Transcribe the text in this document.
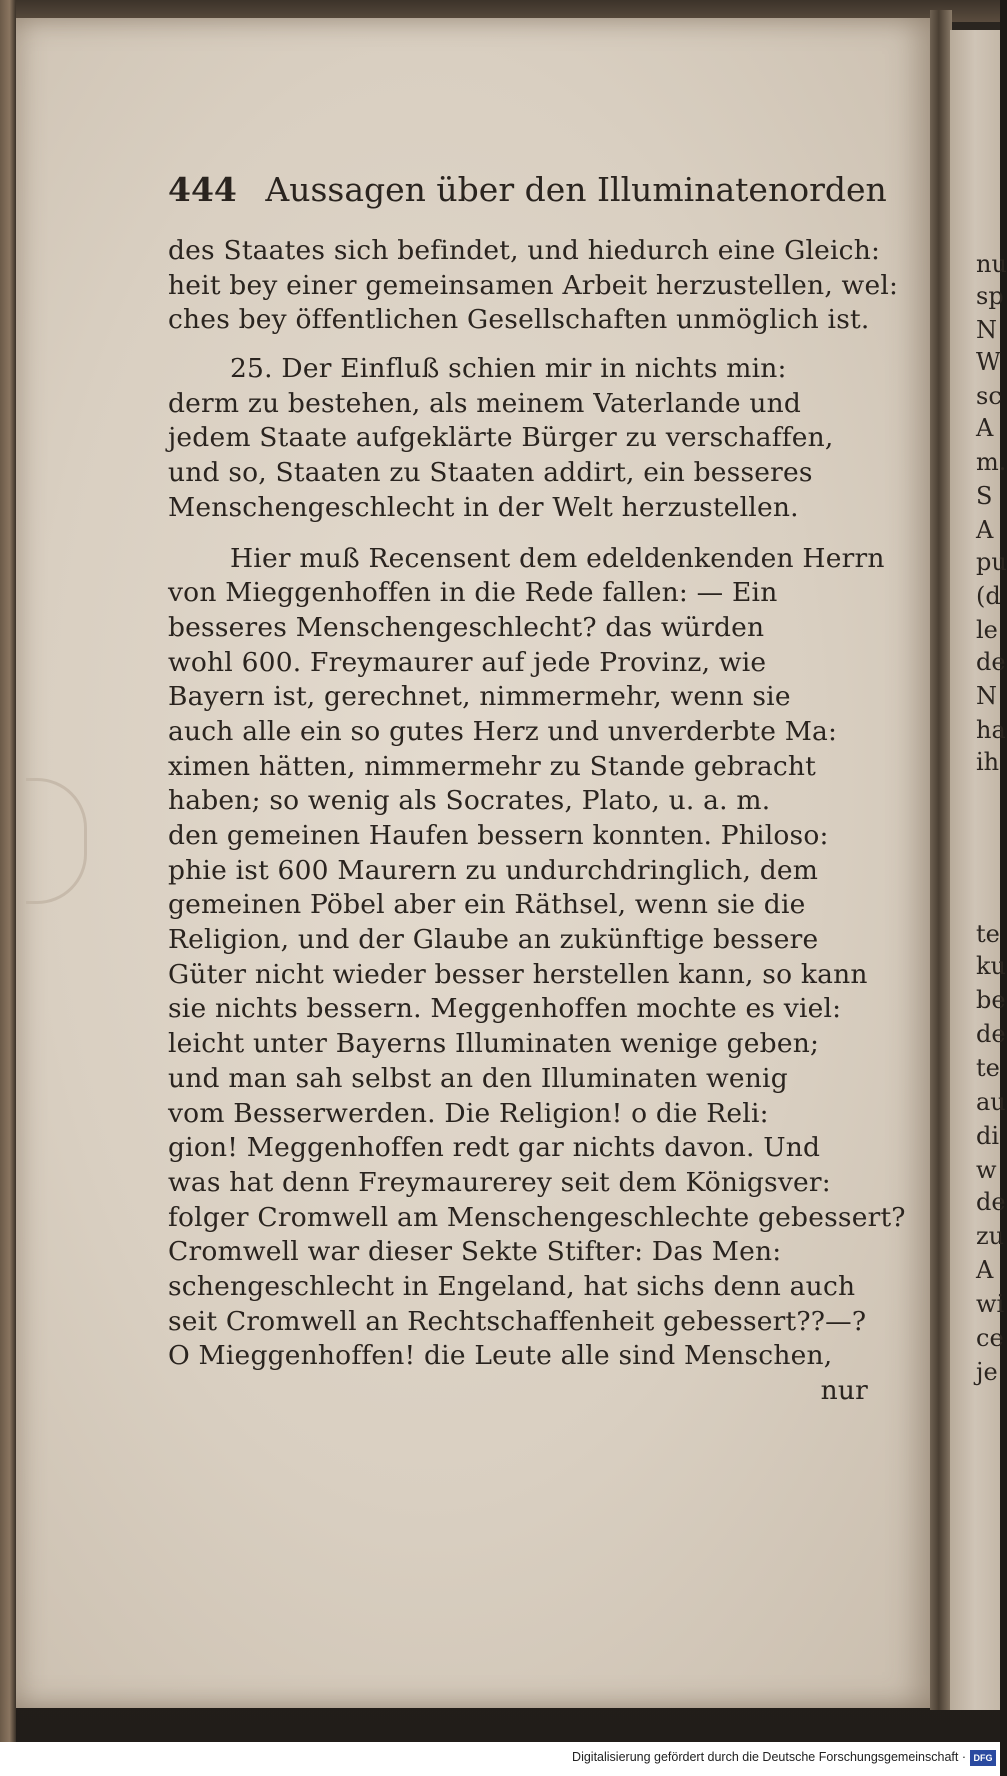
nu
sp
N
W
sc
A
m.
S
A
pu
(d
le
de
N
ha
ih
te
ku
be
de
te
au
di
w
de
zu
A
wi
ce
je
444 Aussagen über den Illuminatenorden
des Staates sich befindet, und hiedurch eine Gleich:
heit bey einer gemeinsamen Arbeit herzustellen, wel:
ches bey öffentlichen Gesellschaften unmöglich ist.
25. Der Einfluß schien mir in nichts min:
derm zu bestehen, als meinem Vaterlande und
jedem Staate aufgeklärte Bürger zu verschaffen,
und so, Staaten zu Staaten addirt, ein besseres
Menschengeschlecht in der Welt herzustellen.
Hier muß Recensent dem edeldenkenden Herrn
von Mieggenhoffen in die Rede fallen: — Ein
besseres Menschengeschlecht? das würden
wohl 600. Freymaurer auf jede Provinz, wie
Bayern ist, gerechnet, nimmermehr, wenn sie
auch alle ein so gutes Herz und unverderbte Ma:
ximen hätten, nimmermehr zu Stande gebracht
haben; so wenig als Socrates, Plato, u. a. m.
den gemeinen Haufen bessern konnten. Philoso:
phie ist 600 Maurern zu undurchdringlich, dem
gemeinen Pöbel aber ein Räthsel, wenn sie die
Religion, und der Glaube an zukünftige bessere
Güter nicht wieder besser herstellen kann, so kann
sie nichts bessern. Meggenhoffen mochte es viel:
leicht unter Bayerns Illuminaten wenige geben;
und man sah selbst an den Illuminaten wenig
vom Besserwerden. Die Religion! o die Reli:
gion! Meggenhoffen redt gar nichts davon. Und
was hat denn Freymaurerey seit dem Königsver:
folger Cromwell am Menschengeschlechte gebessert?
Cromwell war dieser Sekte Stifter: Das Men:
schengeschlecht in Engeland, hat sichs denn auch
seit Cromwell an Rechtschaffenheit gebessert??—?
O Mieggenhoffen! die Leute alle sind Menschen,
nur
Digitalisierung gefördert durch die Deutsche Forschungsgemeinschaft · DFG
